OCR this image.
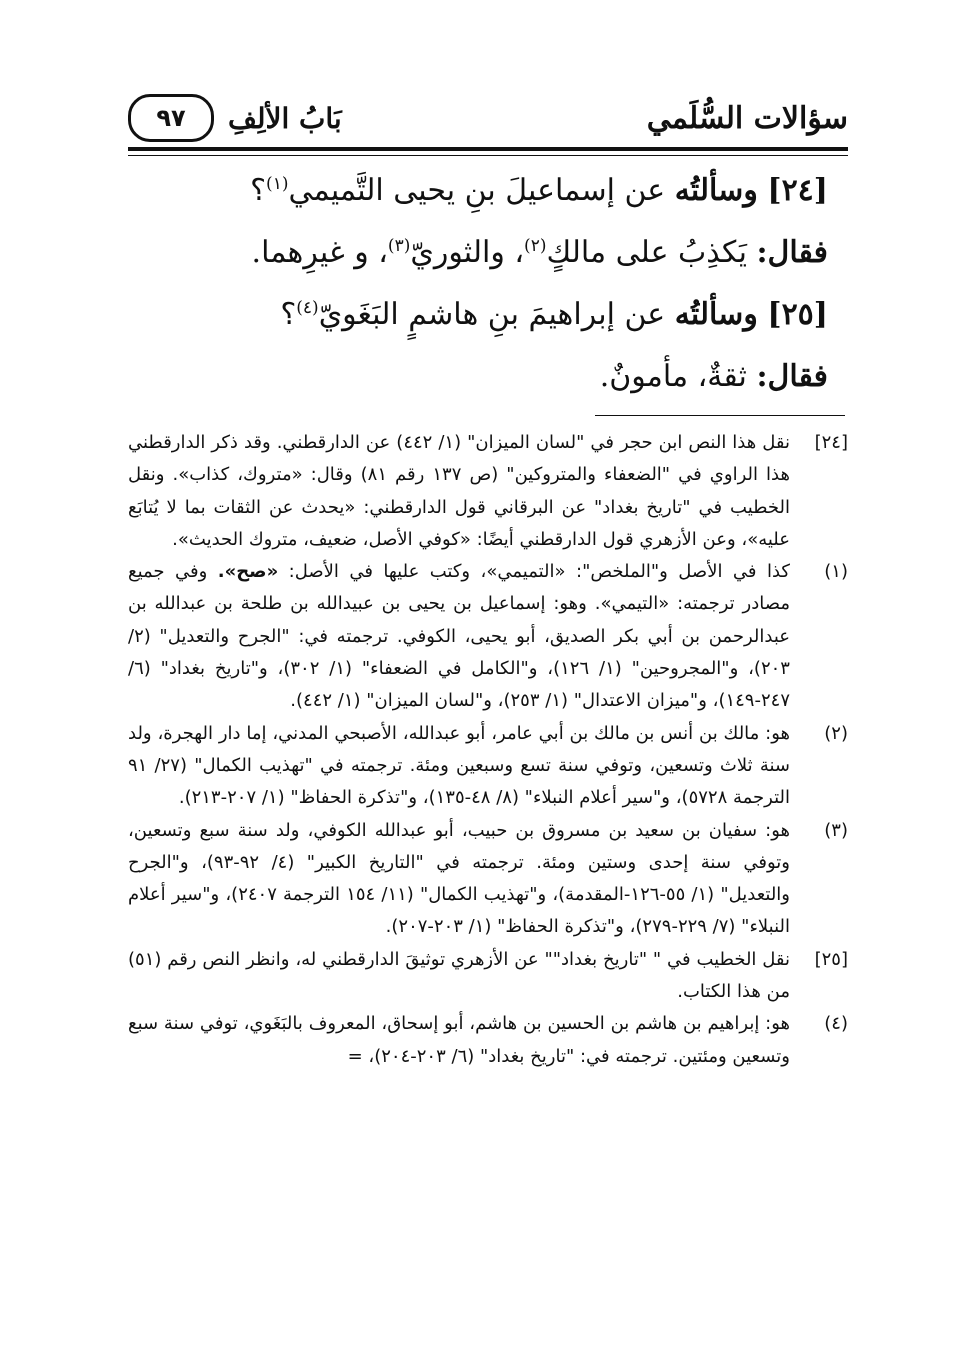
سؤالات السُّلَمي
بَابُ الألِفِ
٩٧
[٢٤] وسألتُه عن إسماعيلَ بنِ يحيى التَّميمي$^{(١)}$؟
فقال: يَكذِبُ على مالكٍ$^{(٢)}$، والثوريّ$^{(٣)}$، و غيرِهما.
[٢٥] وسألتُه عن إبراهيمَ بنِ هاشمٍ البَغَويّ$^{(٤)}$؟
فقال: ثقةٌ، مأمونٌ.
[٢٤]
نقل هذا النص ابن حجر في "لسان الميزان" (١/ ٤٤٢) عن الدارقطني. وقد ذكر الدارقطني هذا الراوي في "الضعفاء والمتروكين" (ص ١٣٧ رقم ٨١) وقال: «متروك، كذاب». ونقل الخطيب في "تاريخ بغداد" عن البرقاني قول الدارقطني: «يحدث عن الثقات بما لا يُتابَع عليه»، وعن الأزهري قول الدارقطني أيضًا: «كوفي الأصل، ضعيف، متروك الحديث».
(١)
كذا في الأصل و"الملخص": «التميمي»، وكتب عليها في الأصل: «صح». وفي جميع مصادر ترجمته: «التيمي». وهو: إسماعيل بن يحيى بن عبيدالله بن طلحة بن عبدالله بن عبدالرحمن بن أبي بكر الصديق، أبو يحيى، الكوفي. ترجمته في: "الجرح والتعديل" (٢/ ٢٠٣)، و"المجروحين" (١/ ١٢٦)، و"الكامل في الضعفاء" (١/ ٣٠٢)، و"تاريخ بغداد" (٦/ ٢٤٧-١٤٩)، و"ميزان الاعتدال" (١/ ٢٥٣)، و"لسان الميزان" (١/ ٤٤٢).
(٢)
هو: مالك بن أنس بن مالك بن أبي عامر، أبو عبدالله، الأصبحي المدني، إما دار الهجرة، ولد سنة ثلاث وتسعين، وتوفي سنة تسع وسبعين ومئة. ترجمته في "تهذيب الكمال" (٢٧/ ٩١ الترجمة ٥٧٢٨)، و"سير أعلام النبلاء" (٨/ ٤٨-١٣٥)، و"تذكرة الحفاظ" (١/ ٢٠٧-٢١٣).
(٣)
هو: سفيان بن سعيد بن مسروق بن حبيب، أبو عبدالله الكوفي، ولد سنة سبع وتسعين، وتوفي سنة إحدى وستين ومئة. ترجمته في "التاريخ الكبير" (٤/ ٩٢-٩٣)، و"الجرح والتعديل" (١/ ٥٥-١٢٦-المقدمة)، و"تهذيب الكمال" (١١/ ١٥٤ الترجمة ٢٤٠٧)، و"سير أعلام النبلاء" (٧/ ٢٢٩-٢٧٩)، و"تذكرة الحفاظ" (١/ ٢٠٣-٢٠٧).
[٢٥]
نقل الخطيب في " "تاريخ بغداد"" عن الأزهري توثيقَ الدارقطني له، وانظر النص رقم (٥١) من هذا الكتاب.
(٤)
هو: إبراهيم بن هاشم بن الحسين بن هاشم، أبو إسحاق، المعروف بالبَغَوي، توفي سنة سبع وتسعين ومئتين. ترجمته في: "تاريخ بغداد" (٦/ ٢٠٣-٢٠٤)، =
